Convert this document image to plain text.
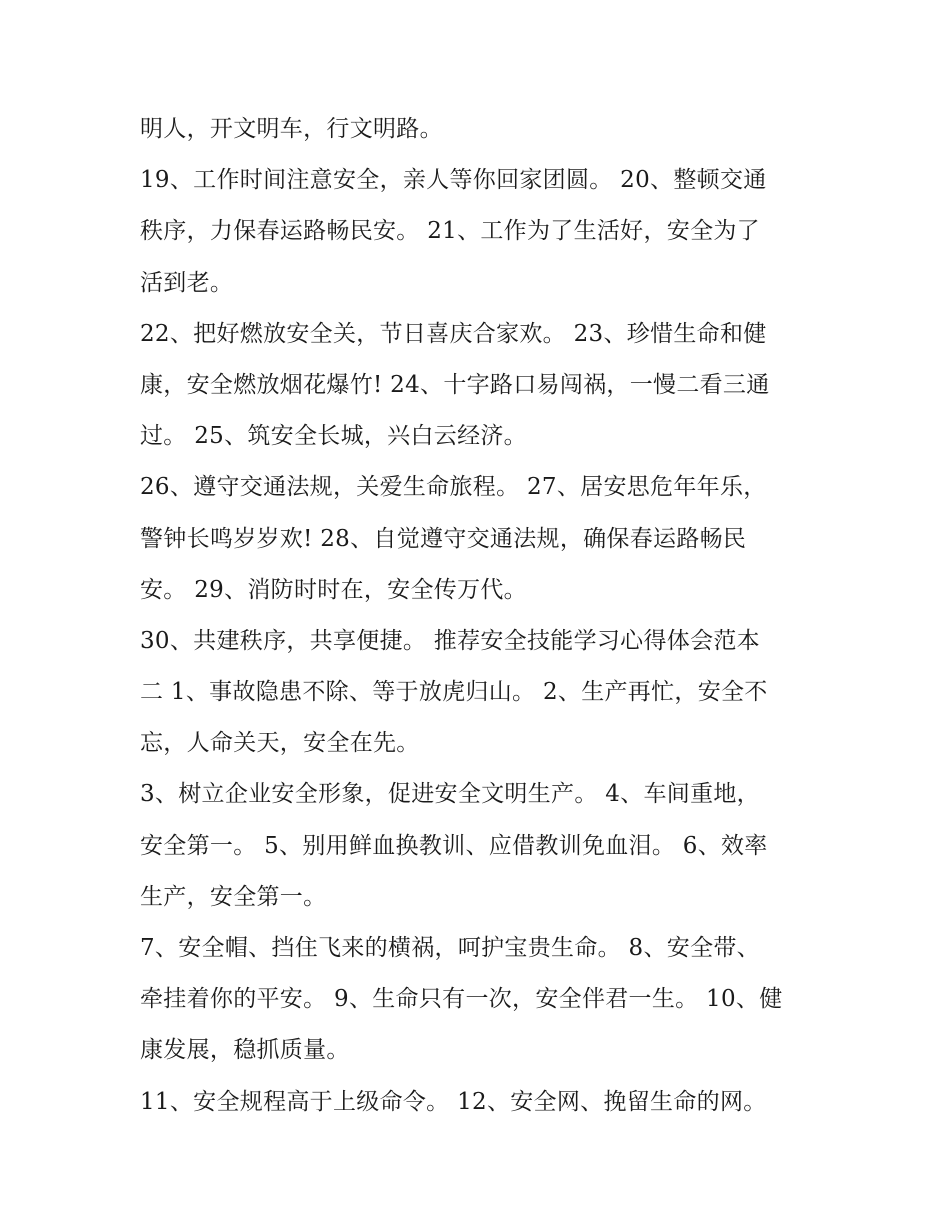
明人，开文明车，行文明路。
19、工作时间注意安全，亲人等你回家团圆。 20、整顿交通
秩序，力保春运路畅民安。 21、工作为了生活好，安全为了
活到老。
22、把好燃放安全关，节日喜庆合家欢。 23、珍惜生命和健
康，安全燃放烟花爆竹! 24、十字路口易闯祸，一慢二看三通
过。 25、筑安全长城，兴白云经济。
26、遵守交通法规，关爱生命旅程。 27、居安思危年年乐，
警钟长鸣岁岁欢! 28、自觉遵守交通法规，确保春运路畅民
安。 29、消防时时在，安全传万代。
30、共建秩序，共享便捷。 推荐安全技能学习心得体会范本
二 1、事故隐患不除、等于放虎归山。 2、生产再忙，安全不
忘，人命关天，安全在先。
3、树立企业安全形象，促进安全文明生产。 4、车间重地，
安全第一。 5、别用鲜血换教训、应借教训免血泪。 6、效率
生产，安全第一。
7、安全帽、挡住飞来的横祸，呵护宝贵生命。 8、安全带、
牵挂着你的平安。 9、生命只有一次，安全伴君一生。 10、健
康发展，稳抓质量。
11、安全规程高于上级命令。 12、安全网、挽留生命的网。
